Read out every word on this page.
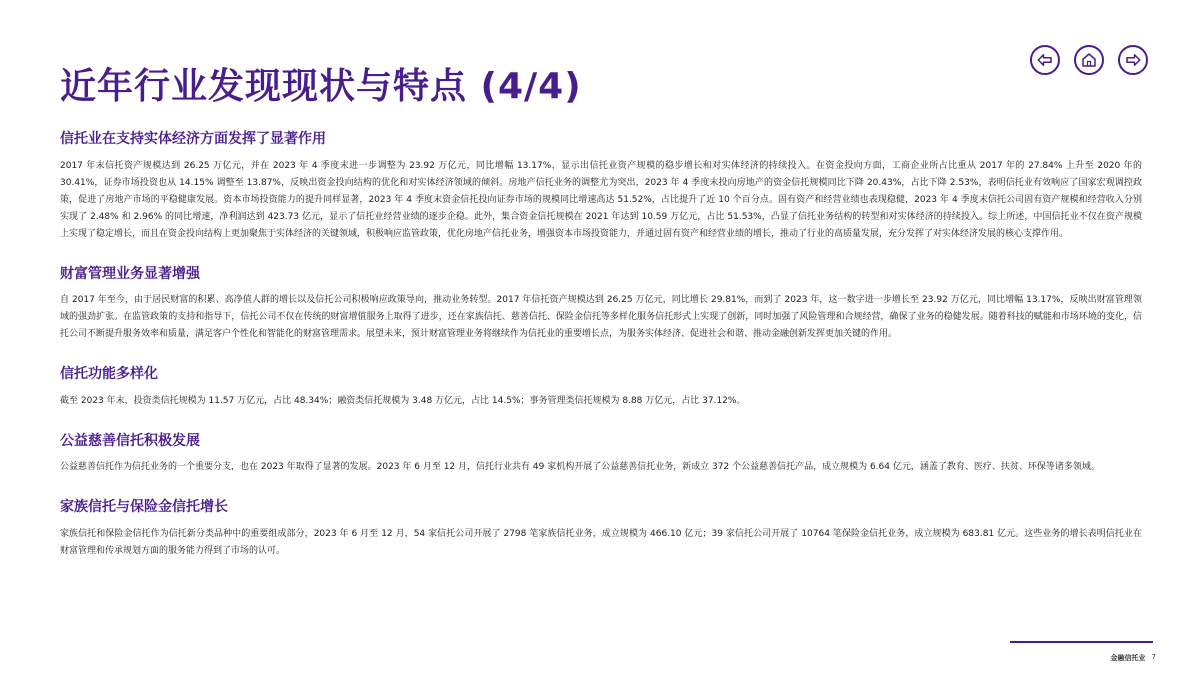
近年行业发现现状与特点 (4/4)
信托业在支持实体经济方面发挥了显著作用

2017 年末信托资产规模达到 26.25 万亿元，并在 2023 年 4 季度末进一步调整为 23.92 万亿元，同比增幅 13.17%，显示出信托业资产规模的稳步增长和对实体经济的持续投入。在资金投向方面，工商企业所占比重从 2017 年的 27.84% 上升至 2020 年的 30.41%，证券市场投资也从 14.15% 调整至 13.87%，反映出资金投向结构的优化和对实体经济领域的倾斜。房地产信托业务的调整尤为突出，2023 年 4 季度末投向房地产的资金信托规模同比下降 20.43%，占比下降 2.53%，表明信托业有效响应了国家宏观调控政策，促进了房地产市场的平稳健康发展。资本市场投资能力的提升同样显著，2023 年 4 季度末资金信托投向证券市场的规模同比增速高达 51.52%，占比提升了近 10 个百分点。固有资产和经营业绩也表现稳健，2023 年 4 季度末信托公司固有资产规模和经营收入分别实现了 2.48% 和 2.96% 的同比增速，净利润达到 423.73 亿元，显示了信托业经营业绩的逐步企稳。此外，集合资金信托规模在 2021 年达到 10.59 万亿元，占比 51.53%，凸显了信托业务结构的转型和对实体经济的持续投入。综上所述，中国信托业不仅在资产规模上实现了稳定增长，而且在资金投向结构上更加聚焦于实体经济的关键领域，积极响应监管政策，优化房地产信托业务，增强资本市场投资能力，并通过固有资产和经营业绩的增长，推动了行业的高质量发展，充分发挥了对实体经济发展的核心支撑作用。

财富管理业务显著增强

自 2017 年至今，由于居民财富的积累、高净值人群的增长以及信托公司积极响应政策导向，推动业务转型。2017 年信托资产规模达到 26.25 万亿元，同比增长 29.81%，而到了 2023 年，这一数字进一步增长至 23.92 万亿元，同比增幅 13.17%，反映出财富管理领域的强劲扩张。在监管政策的支持和指导下，信托公司不仅在传统的财富增值服务上取得了进步，还在家族信托、慈善信托、保险金信托等多样化服务信托形式上实现了创新，同时加强了风险管理和合规经营，确保了业务的稳健发展。随着科技的赋能和市场环境的变化，信托公司不断提升服务效率和质量，满足客户个性化和智能化的财富管理需求。展望未来，预计财富管理业务将继续作为信托业的重要增长点，为服务实体经济、促进社会和谐、推动金融创新发挥更加关键的作用。

信托功能多样化

截至 2023 年末，投资类信托规模为 11.57 万亿元，占比 48.34%；融资类信托规模为 3.48 万亿元，占比 14.5%；事务管理类信托规模为 8.88 万亿元，占比 37.12%。

公益慈善信托积极发展

公益慈善信托作为信托业务的一个重要分支，也在 2023 年取得了显著的发展。2023 年 6 月至 12 月，信托行业共有 49 家机构开展了公益慈善信托业务，新成立 372 个公益慈善信托产品，成立规模为 6.64 亿元，涵盖了教育、医疗、扶贫、环保等诸多领域。

家族信托与保险金信托增长

家族信托和保险金信托作为信托新分类品种中的重要组成部分，2023 年 6 月至 12 月，54 家信托公司开展了 2798 笔家族信托业务，成立规模为 466.10 亿元；39 家信托公司开展了 10764 笔保险金信托业务，成立规模为 683.81 亿元。这些业务的增长表明信托业在财富管理和传承规划方面的服务能力得到了市场的认可。

金融信托业 7
